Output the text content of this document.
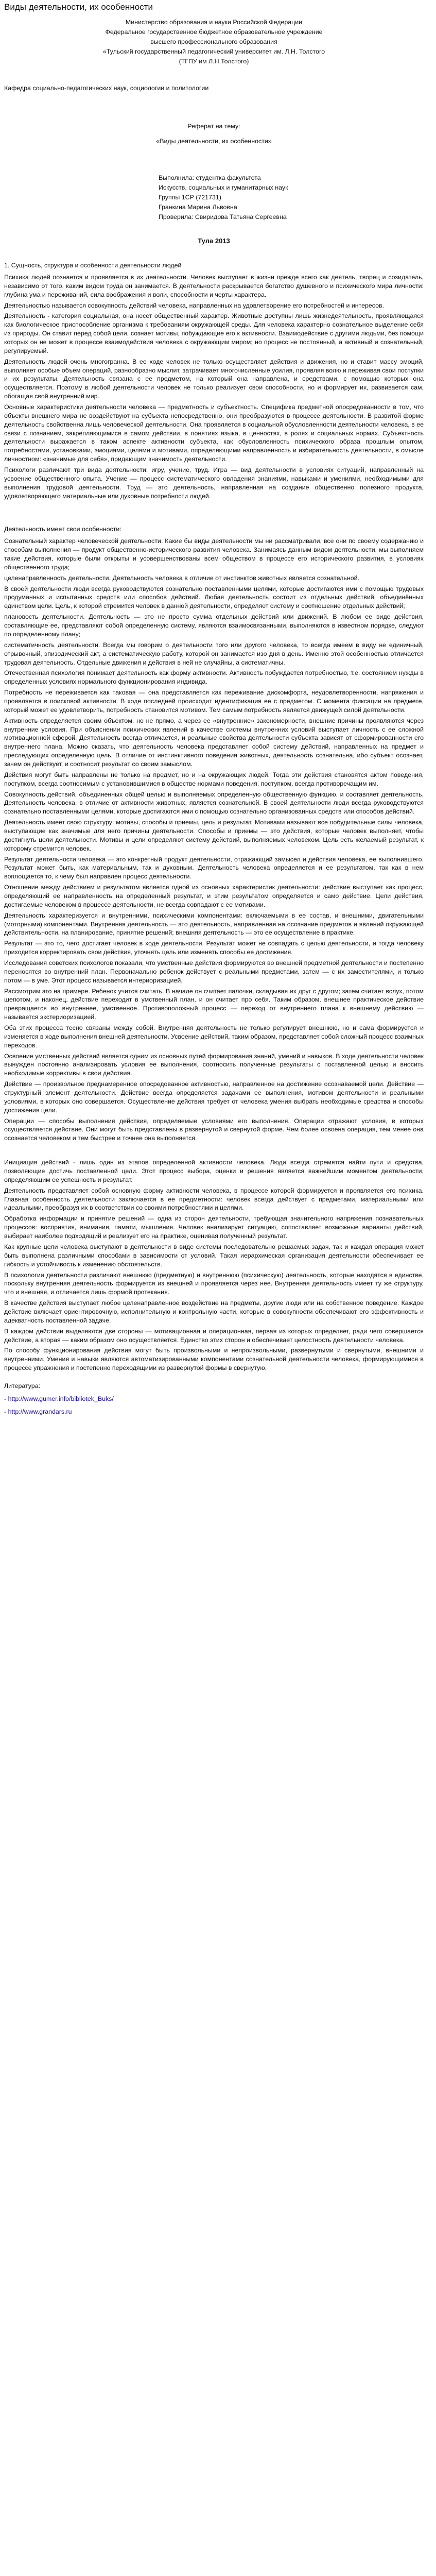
Виды деятельности, их особенности

Министерство образования и науки Российской Федерации

Федеральное государственное бюджетное образовательное учреждение

высшего профессионального образования

«Тульский государственный педагогический университет им. Л.Н. Толстого

(ТГПУ им Л.Н.Толстого)

Кафедра социально-педагогических наук, социологии и политологии

Реферат на тему:

«Виды деятельности, их особенности»

Выполнила: студентка факультета

Искусств, социальных и гуманитарных наук

Группы 1СР (721731)

Гранкина Марина Львовна

Проверила: Свиридова Татьяна Сергеевна

Тула 2013

1. Сущность, структура и особенности деятельности людей

Психика людей познается и проявляется в их деятельности. Человек выступает в жизни прежде всего как деятель, творец и созидатель, независимо от того, каким видом труда он занимается. В деятельности раскрывается богатство душевного и психического мира личности: глубина ума и переживаний, сила воображения и воли, способности и черты характера.

Деятельностью называется совокупность действий человека, направленных на удовлетворение его потребностей и интересов.

Деятельность - категория социальная, она несет общественный характер. Животные доступны лишь жизнедеятельность, проявляющаяся как биологическое приспособление организма к требованиям окружающей среды. Для человека характерно сознательное выделение себя из природы. Он ставит перед собой цели, сознает мотивы, побуждающие его к активности. Взаимодействие с другими людьми, без помощи которых он не может в процессе взаимодействия человека с окружающим миром; но процесс не постоянный, а активный и сознательный, регулируемый.

Деятельность людей очень многогранна. В ее ходе человек не только осуществляет действия и движения, но и ставит массу эмоций, выполняет особые объем операций, разнообразно мыслит, затрачивает многочисленные усилия, проявляя волю и переживая свои поступки и их результаты. Деятельность связана с ее предметом, на который она направлена, и средствами, с помощью которых она осуществляется. Поэтому в любой деятельности человек не только реализует свои способности, но и формирует их, развивается сам, обогащая свой внутренний мир.

Основные характеристики деятельности человека — предметность и субъектность. Специфика предметной опосредованности в том, что объекты внешнего мира не воздействуют на субъекта непосредственно, они преобразуются в процессе деятельности. В развитой форме деятельность свойственна лишь человеческой деятельности. Она проявляется в социальной обусловленности деятельности человека, в ее связи с познанием, закрепляющимися в самом действии, в понятиях языка, в ценностях, в ролях и социальных нормах. Субъектность деятельности выражается в таком аспекте активности субъекта, как обусловленность психического образа прошлым опытом, потребностями, установками, эмоциями, целями и мотивами, определяющими направленность и избирательность деятельности, в смысле личностном: «значимые для себя», придающим значимость деятельности.

Психологи различают три вида деятельности: игру, учение, труд. Игра — вид деятельности в условиях ситуаций, направленный на усвоение общественного опыта. Учение — процесс систематического овладения знаниями, навыками и умениями, необходимыми для выполнения трудовой деятельности. Труд — это деятельность, направленная на создание общественно полезного продукта, удовлетворяющего материальные или духовные потребности людей.

Деятельность имеет свои особенности:

Сознательный характер человеческой деятельности. Какие бы виды деятельности мы ни рассматривали, все они по своему содержанию и способам выполнения — продукт общественно-исторического развития человека. Занимаясь данным видом деятельности, мы выполняем такие действия, которые были открыты и усовершенствованы всем обществом в процессе его исторического развития, в условиях общественного труда;

целенаправленность деятельности. Деятельность человека в отличие от инстинктов животных является сознательной.

В своей деятельности люди всегда руководствуются сознательно поставленными целями, которые достигаются ими с помощью трудовых продуманных и испытанных средств или способов действий. Любая деятельность состоит из отдельных действий, объединённых единством цели. Цель, к которой стремится человек в данной деятельности, определяет систему и соотношение отдельных действий;

плановость деятельности. Деятельность — это не просто сумма отдельных действий или движений. В любом ее виде действия, составляющие ее, представляют собой определенную систему, являются взаимосвязанными, выполняются в известном порядке, следуют по определенному плану;

систематичность деятельности. Всегда мы говорим о деятельности того или другого человека, то всегда имеем в виду не единичный, отрывочный, эпизодический акт, а систематическую работу, которой он занимается изо дня в день. Именно этой особенностью отличается трудовая деятельность. Отдельные движения и действия в ней не случайны, а систематичны.

Отечественная психология понимает деятельность как форму активности. Активность побуждается потребностью, т.е. состоянием нужды в определенных условиях нормального функционирования индивида.

Потребность не переживается как таковая — она представляется как переживание дискомфорта, неудовлетворенности, напряжения и проявляется в поисковой активности. В ходе последней происходит идентификация ее с предметом. С момента фиксации на предмете, который может ее удовлетворить, потребность становится мотивом. Тем самым потребность является движущей силой деятельности.

Активность определяется своим объектом, но не прямо, а через ее «внутренние» закономерности, внешние причины проявляются через внутренние условия. При объяснении психических явлений в качестве системы внутренних условий выступает личность с ее сложной мотивационной сферой. Деятельность всегда отличается, и реальные свойства деятельности субъекта зависят от сформированности его внутреннего плана. Можно сказать, что деятельность человека представляет собой систему действий, направленных на предмет и преследующих определенную цель. В отличие от инстинктивного поведения животных, деятельность сознательна, ибо субъект осознает, зачем он действует, и соотносит результат со своим замыслом.

Действия могут быть направлены не только на предмет, но и на окружающих людей. Тогда эти действия становятся актом поведения, поступком, всегда соотносимым с установившимися в обществе нормами поведения, поступком, всегда противоречащим им.

Совокупность действий, объединенных общей целью и выполняемых определенную общественную функцию, и составляет деятельность. Деятельность человека, в отличие от активности животных, является сознательной. В своей деятельности люди всегда руководствуются сознательно поставленными целями, которые достигаются ими с помощью сознательно организованных средств или способов действий.

Деятельность имеет свою структуру: мотивы, способы и приемы, цель и результат. Мотивами называют все побудительные силы человека, выступающие как значимые для него причины деятельности. Способы и приемы — это действия, которые человек выполняет, чтобы достигнуть цели деятельности. Мотивы и цели определяют систему действий, выполняемых человеком. Цель есть желаемый результат, к которому стремится человек.

Результат деятельности человека — это конкретный продукт деятельности, отражающий замысел и действия человека, ее выполнившего. Результат может быть, как материальным, так и духовным. Деятельность человека определяется и ее результатом, так как в нем воплощается то, к чему был направлен процесс деятельности.

Отношение между действием и результатом является одной из основных характеристик деятельности: действие выступает как процесс, определяющий ее направленность на определенный результат, и этим результатом определяется и само действие. Цели действия, достигаемые человеком в процессе деятельности, не всегда совпадают с ее мотивами.

Деятельность характеризуется и внутренними, психическими компонентами: включаемыми в ее состав, и внешними, двигательными (моторными) компонентами. Внутренняя деятельность — это деятельность, направленная на осознание предметов и явлений окружающей действительности, на планирование, принятие решений; внешняя деятельность — это ее осуществление в практике.

Результат — это то, чего достигает человек в ходе деятельности. Результат может не совпадать с целью деятельности, и тогда человеку приходится корректировать свои действия, уточнять цель или изменять способы ее достижения.

Исследования советских психологов показали, что умственные действия формируются во внешней предметной деятельности и постепенно переносятся во внутренний план. Первоначально ребенок действует с реальными предметами, затем — с их заместителями, и только потом — в уме. Этот процесс называется интериоризацией.

Рассмотрим это на примере. Ребенок учится считать. В начале он считает палочки, складывая их друг с другом; затем считает вслух, потом шепотом, и наконец, действие переходит в умственный план, и он считает про себя. Таким образом, внешнее практическое действие превращается во внутреннее, умственное. Противоположный процесс — переход от внутреннего плана к внешнему действию — называется экстериоризацией.

Оба этих процесса тесно связаны между собой. Внутренняя деятельность не только регулирует внешнюю, но и сама формируется и изменяется в ходе выполнения внешней деятельности. Усвоение действий, таким образом, представляет собой сложный процесс взаимных переходов.

Освоение умственных действий является одним из основных путей формирования знаний, умений и навыков. В ходе деятельности человек вынужден постоянно анализировать условия ее выполнения, соотносить полученные результаты с поставленной целью и вносить необходимые коррективы в свои действия.

Действие — произвольное преднамеренное опосредованное активностью, направленное на достижение осознаваемой цели. Действие — структурный элемент деятельности. Действие всегда определяется задачами ее выполнения, мотивом деятельности и реальными условиями, в которых оно совершается. Осуществление действия требует от человека умения выбрать необходимые средства и способы достижения цели.

Операции — способы выполнения действия, определяемые условиями его выполнения. Операции отражают условия, в которых осуществляется действие. Они могут быть представлены в развернутой и свернутой форме. Чем более освоена операция, тем менее она осознается человеком и тем быстрее и точнее она выполняется.

Инициация действий - лишь один из этапов определенной активности человека. Люди всегда стремятся найти пути и средства, позволяющие достичь поставленной цели. Этот процесс выбора, оценки и решения является важнейшим моментом деятельности, определяющим ее успешность и результат.

Деятельность представляет собой основную форму активности человека, в процессе которой формируется и проявляется его психика. Главная особенность деятельности заключается в ее предметности: человек всегда действует с предметами, материальными или идеальными, преобразуя их в соответствии со своими потребностями и целями.

Обработка информации и принятие решений — одна из сторон деятельности, требующая значительного напряжения познавательных процессов: восприятия, внимания, памяти, мышления. Человек анализирует ситуацию, сопоставляет возможные варианты действий, выбирает наиболее подходящий и реализует его на практике, оценивая полученный результат.

Как крупные цели человека выступают в деятельности в виде системы последовательно решаемых задач, так и каждая операция может быть выполнена различными способами в зависимости от условий. Такая иерархическая организация деятельности обеспечивает ее гибкость и устойчивость к изменению обстоятельств.

В психологии деятельности различают внешнюю (предметную) и внутреннюю (психическую) деятельность, которые находятся в единстве, поскольку внутренняя деятельность формируется из внешней и проявляется через нее. Внутренняя деятельность имеет ту же структуру, что и внешняя, и отличается лишь формой протекания.

В качестве действия выступает любое целенаправленное воздействие на предметы, другие люди или на собственное поведение. Каждое действие включает ориентировочную, исполнительную и контрольную части, которые в совокупности обеспечивают его эффективность и адекватность поставленной задаче.

В каждом действии выделяются две стороны — мотивационная и операционная, первая из которых определяет, ради чего совершается действие, а вторая — каким образом оно осуществляется. Единство этих сторон и обеспечивает целостность деятельности человека.

По способу функционирования действия могут быть произвольными и непроизвольными, развернутыми и свернутыми, внешними и внутренними. Умения и навыки являются автоматизированными компонентами сознательной деятельности человека, формирующимися в процессе упражнения и постепенно переходящими из развернутой формы в свернутую.

Литература:

- http://www.gumer.info/bibliotek_Buks/
- http://www.grandars.ru
